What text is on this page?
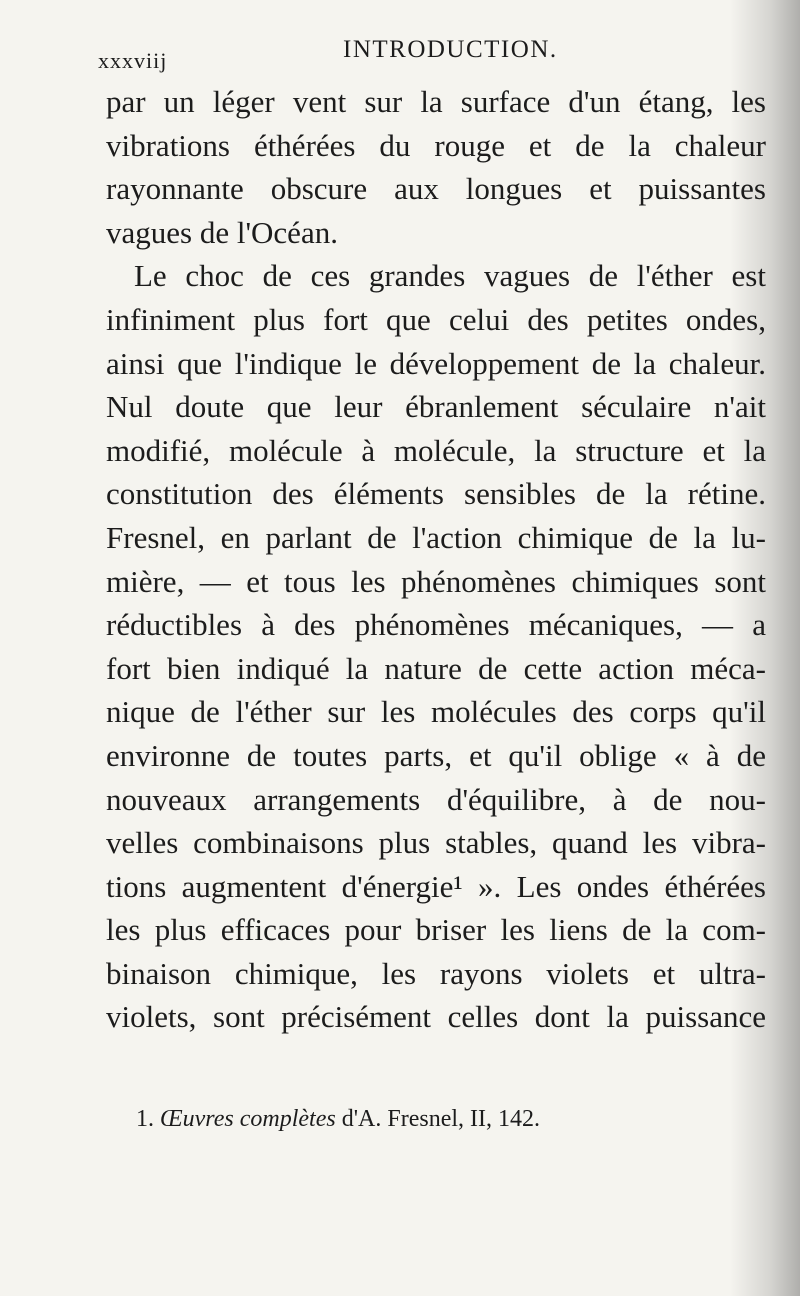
xxxviij	INTRODUCTION.
par un léger vent sur la surface d'un étang, les
vibrations éthérées du rouge et de la chaleur
rayonnante obscure aux longues et puissantes
vagues de l'Océan.
Le choc de ces grandes vagues de l'éther est
infiniment plus fort que celui des petites ondes,
ainsi que l'indique le développement de la chaleur.
Nul doute que leur ébranlement séculaire n'ait
modifié, molécule à molécule, la structure et la
constitution des éléments sensibles de la rétine.
Fresnel, en parlant de l'action chimique de la lu-
mière, — et tous les phénomènes chimiques sont
réductibles à des phénomènes mécaniques, — a
fort bien indiqué la nature de cette action méca-
nique de l'éther sur les molécules des corps qu'il
environne de toutes parts, et qu'il oblige « à de
nouveaux arrangements d'équilibre, à de nou-
velles combinaisons plus stables, quand les vibra-
tions augmentent d'énergie¹ ». Les ondes éthérées
les plus efficaces pour briser les liens de la com-
binaison chimique, les rayons violets et ultra-
violets, sont précisément celles dont la puissance
1. Œuvres complètes d'A. Fresnel, II, 142.
